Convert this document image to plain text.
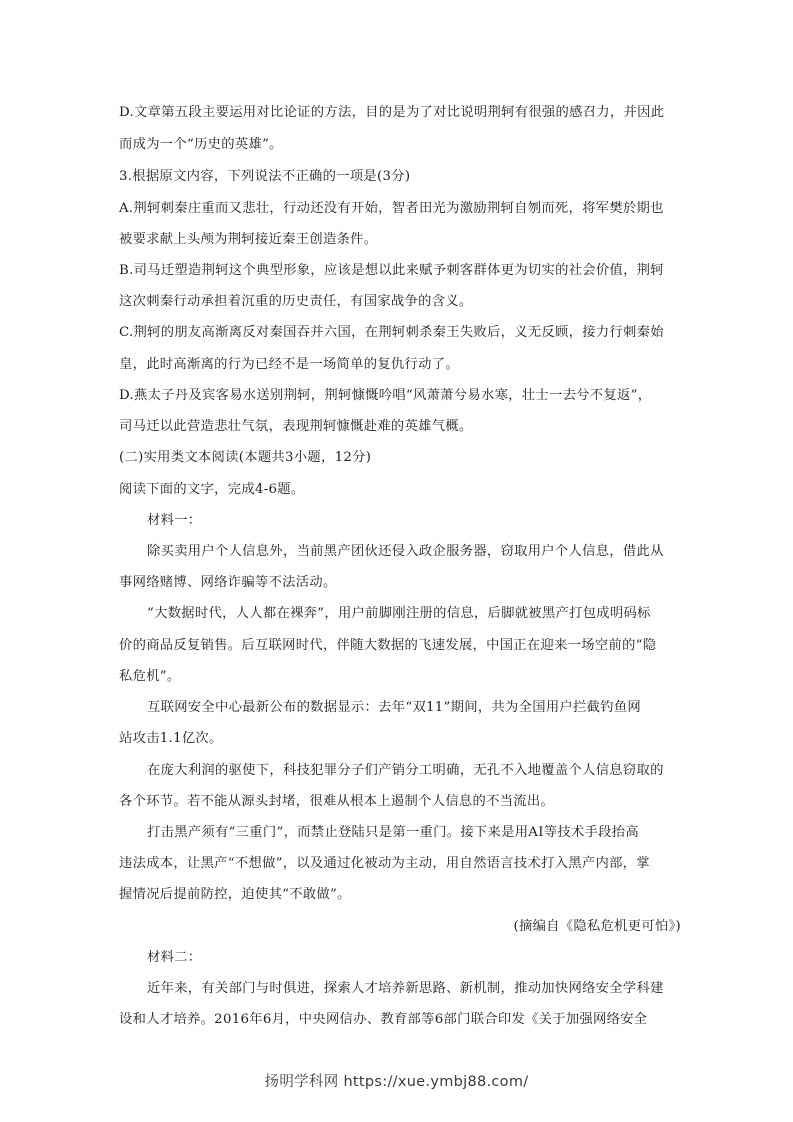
D.文章第五段主要运用对比论证的方法，目的是为了对比说明荆轲有很强的感召力，并因此
而成为一个“历史的英雄”。
3.根据原文内容，下列说法不正确的一项是(3分)
A.荆轲刺秦庄重而又悲壮，行动还没有开始，智者田光为激励荆轲自刎而死，将军樊於期也
被要求献上头颅为荆轲接近秦王创造条件。
B.司马迁塑造荆轲这个典型形象，应该是想以此来赋予刺客群体更为切实的社会价值，荆轲
这次刺秦行动承担着沉重的历史责任，有国家战争的含义。
C.荆轲的朋友高渐离反对秦国吞并六国，在荆轲刺杀秦王失败后，义无反顾，接力行刺秦始
皇，此时高渐离的行为已经不是一场简单的复仇行动了。
D.燕太子丹及宾客易水送别荆轲，荆轲慷慨吟唱“风萧萧兮易水寒，壮士一去兮不复返”，
司马迁以此营造悲壮气氛，表现荆轲慷慨赴难的英雄气概。
(二)实用类文本阅读(本题共3小题，12分)
阅读下面的文字，完成4-6题。
材料一：
除买卖用户个人信息外，当前黑产团伙还侵入政企服务器，窃取用户个人信息，借此从
事网络赌博、网络诈骗等不法活动。
“大数据时代，人人都在裸奔”，用户前脚刚注册的信息，后脚就被黑产打包成明码标
价的商品反复销售。后互联网时代，伴随大数据的飞速发展，中国正在迎来一场空前的“隐
私危机”。
互联网安全中心最新公布的数据显示：去年“双11”期间，共为全国用户拦截钓鱼网
站攻击1.1亿次。
在庞大利润的驱使下，科技犯罪分子们产销分工明确，无孔不入地覆盖个人信息窃取的
各个环节。若不能从源头封堵，很难从根本上遏制个人信息的不当流出。
打击黑产须有“三重门”，而禁止登陆只是第一重门。接下来是用AI等技术手段抬高
违法成本，让黑产“不想做”，以及通过化被动为主动，用自然语言技术打入黑产内部，掌
握情况后提前防控，迫使其“不敢做”。
(摘编自《隐私危机更可怕》)
材料二：
近年来，有关部门与时俱进，探索人才培养新思路、新机制，推动加快网络安全学科建
设和人才培养。2016年6月，中央网信办、教育部等6部门联合印发《关于加强网络安全
扬明学科网 https://xue.ymbj88.com/
